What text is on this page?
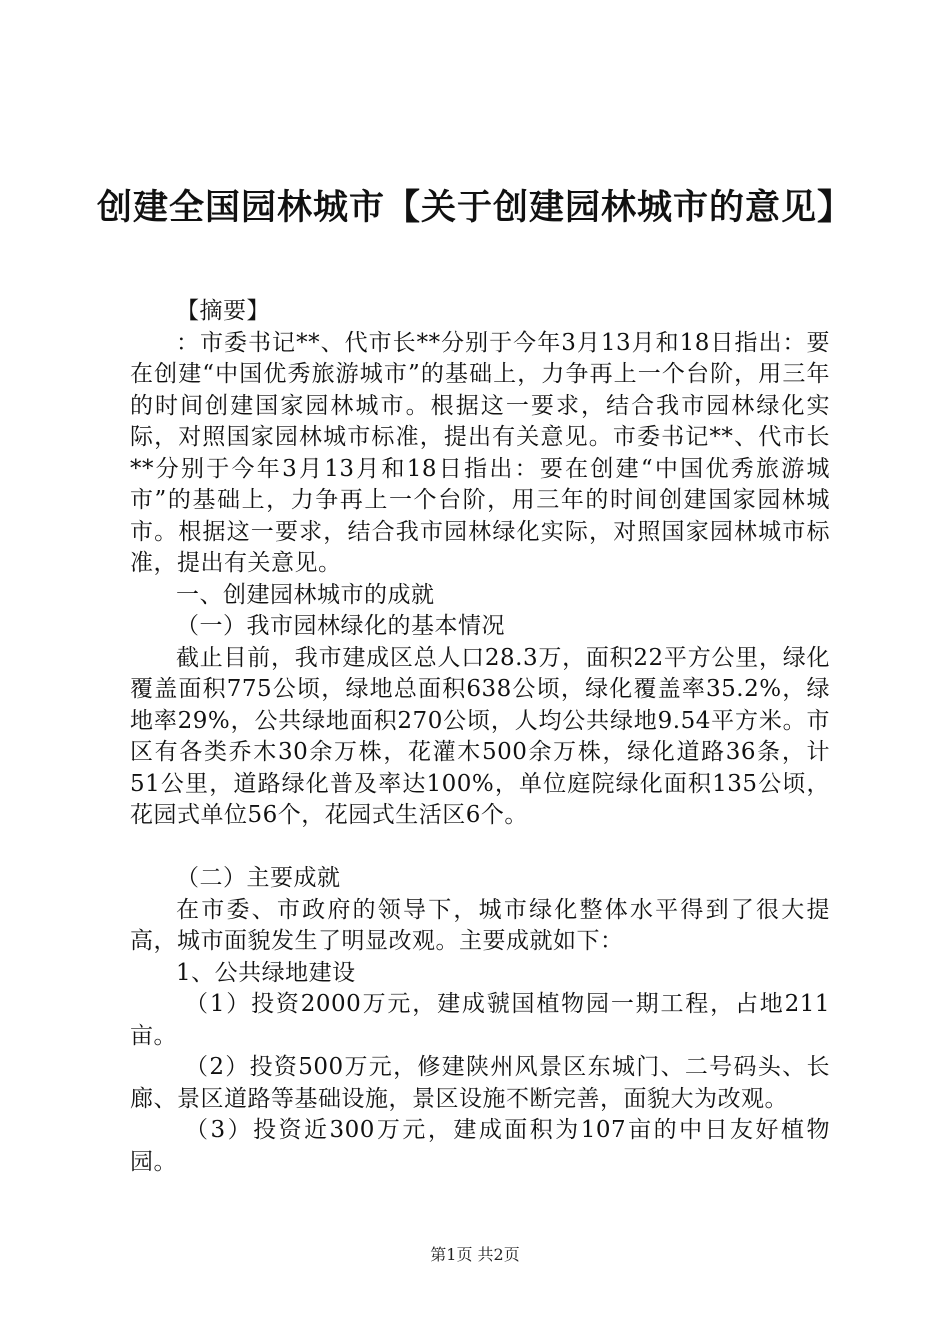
创建全国园林城市【关于创建园林城市的意见】

【摘要】

：市委书记**、代市长**分别于今年3月13月和18日指出：要在创建“中国优秀旅游城市”的基础上，力争再上一个台阶，用三年的时间创建国家园林城市。根据这一要求，结合我市园林绿化实际，对照国家园林城市标准，提出有关意见。市委书记**、代市长**分别于今年3月13月和18日指出：要在创建“中国优秀旅游城市”的基础上，力争再上一个台阶，用三年的时间创建国家园林城市。根据这一要求，结合我市园林绿化实际，对照国家园林城市标准，提出有关意见。

一、创建园林城市的成就

（一）我市园林绿化的基本情况

截止目前，我市建成区总人口28.3万，面积22平方公里，绿化覆盖面积775公顷，绿地总面积638公顷，绿化覆盖率35.2%，绿地率29%，公共绿地面积270公顷，人均公共绿地9.54平方米。市区有各类乔木30余万株，花灌木500余万株，绿化道路36条，计51公里，道路绿化普及率达100%，单位庭院绿化面积135公顷，花园式单位56个，花园式生活区6个。

（二）主要成就

在市委、市政府的领导下，城市绿化整体水平得到了很大提高，城市面貌发生了明显改观。主要成就如下：

1、公共绿地建设

（1）投资2000万元，建成虢国植物园一期工程，占地211亩。

（2）投资500万元，修建陕州风景区东城门、二号码头、长廊、景区道路等基础设施，景区设施不断完善，面貌大为改观。

（3）投资近300万元，建成面积为107亩的中日友好植物园。

第1页 共2页
